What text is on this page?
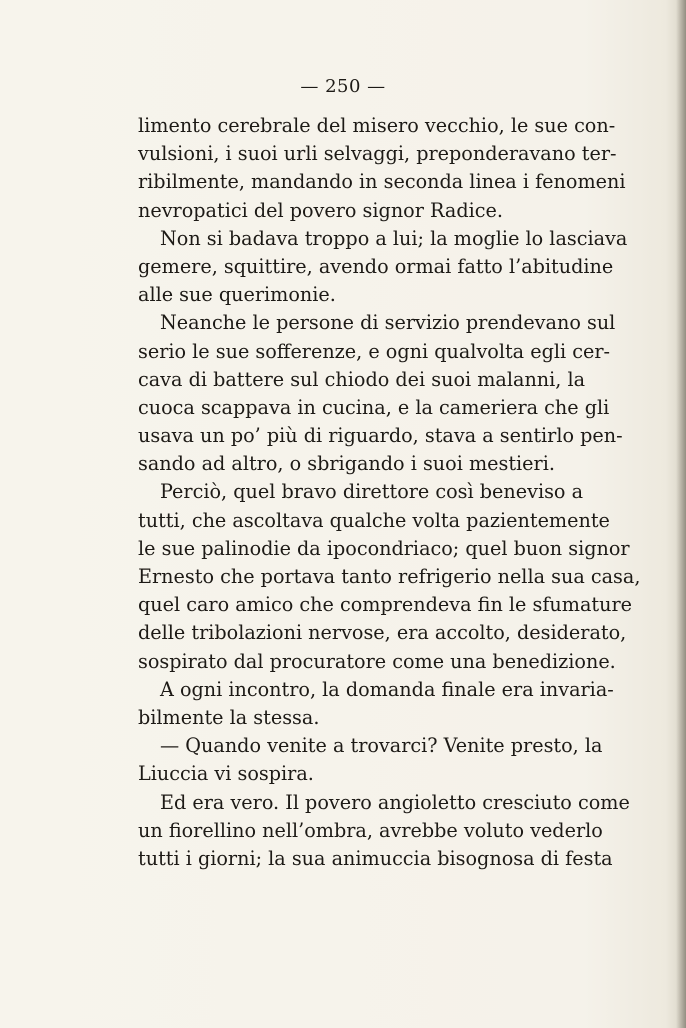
— 250 —
limento cerebrale del misero vecchio, le sue con-
vulsioni, i suoi urli selvaggi, preponderavano ter-
ribilmente, mandando in seconda linea i fenomeni
nevropatici del povero signor Radice.
Non si badava troppo a lui; la moglie lo lasciava
gemere, squittire, avendo ormai fatto l’abitudine
alle sue querimonie.
Neanche le persone di servizio prendevano sul
serio le sue sofferenze, e ogni qualvolta egli cer-
cava di battere sul chiodo dei suoi malanni, la
cuoca scappava in cucina, e la cameriera che gli
usava un po’ più di riguardo, stava a sentirlo pen-
sando ad altro, o sbrigando i suoi mestieri.
Perciò, quel bravo direttore così beneviso a
tutti, che ascoltava qualche volta pazientemente
le sue palinodie da ipocondriaco; quel buon signor
Ernesto che portava tanto refrigerio nella sua casa,
quel caro amico che comprendeva fin le sfumature
delle tribolazioni nervose, era accolto, desiderato,
sospirato dal procuratore come una benedizione.
A ogni incontro, la domanda finale era invaria-
bilmente la stessa.
— Quando venite a trovarci? Venite presto, la
Liuccia vi sospira.
Ed era vero. Il povero angioletto cresciuto come
un fiorellino nell’ombra, avrebbe voluto vederlo
tutti i giorni; la sua animuccia bisognosa di festa
